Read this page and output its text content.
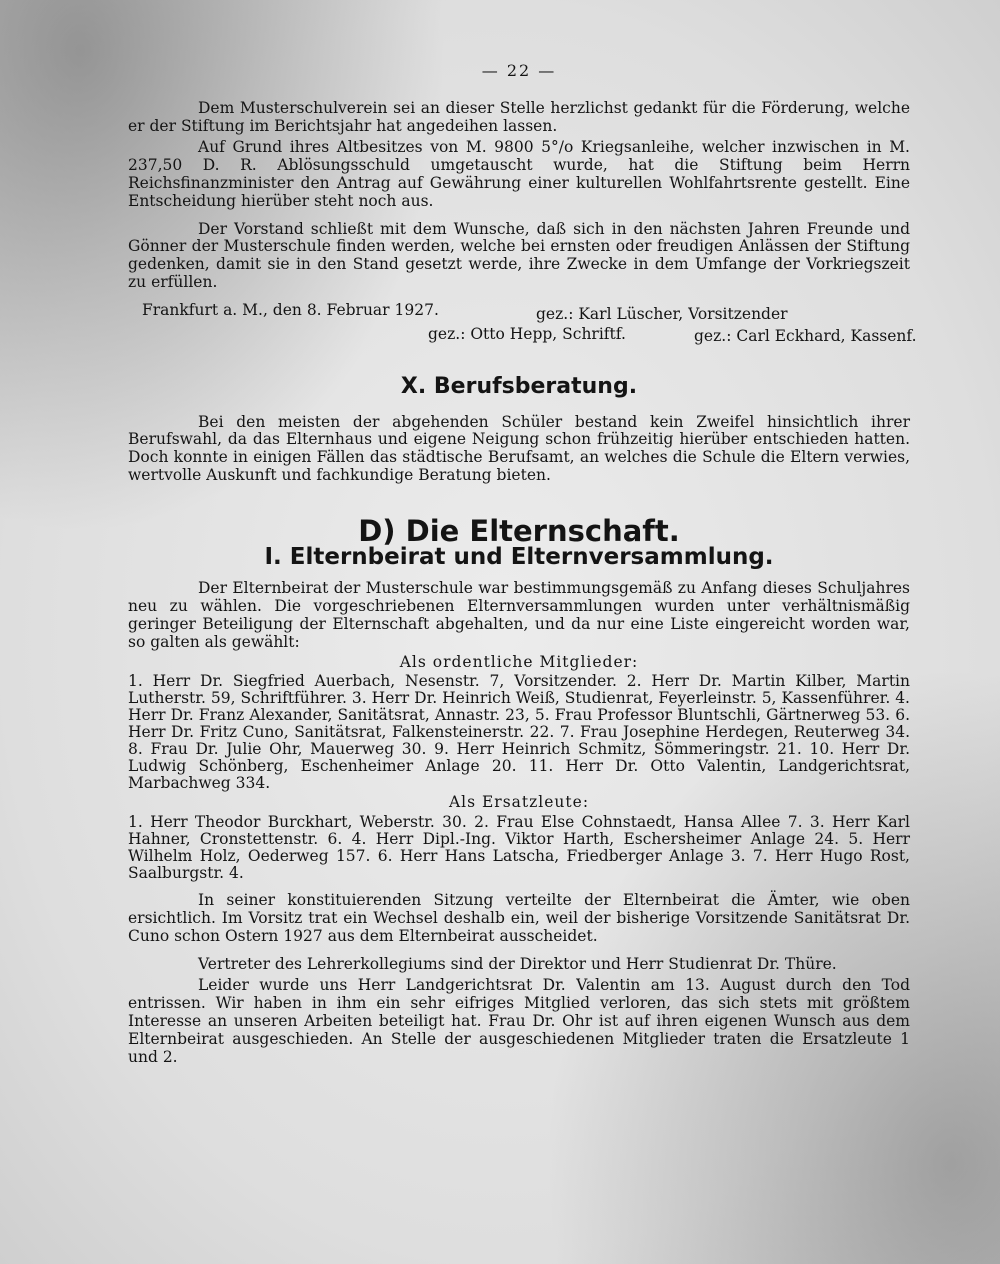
— 22 —

Dem Musterschulverein sei an dieser Stelle herzlichst gedankt für die Förderung, welche er der Stiftung im Berichtsjahr hat angedeihen lassen.

Auf Grund ihres Altbesitzes von M. 9800 5°/o Kriegsanleihe, welcher inzwischen in M. 237,50 D. R. Ablösungsschuld umgetauscht wurde, hat die Stiftung beim Herrn Reichsfinanzminister den Antrag auf Gewährung einer kulturellen Wohlfahrtsrente gestellt. Eine Entscheidung hierüber steht noch aus.

Der Vorstand schließt mit dem Wunsche, daß sich in den nächsten Jahren Freunde und Gönner der Musterschule finden werden, welche bei ernsten oder freudigen Anlässen der Stiftung gedenken, damit sie in den Stand gesetzt werde, ihre Zwecke in dem Umfange der Vorkriegszeit zu erfüllen.

Frankfurt a. M., den 8. Februar 1927.	gez.: Karl Lüscher, Vorsitzender
gez.: Otto Hepp, Schriftf.	gez.: Carl Eckhard, Kassenf.
X. Berufsberatung.

Bei den meisten der abgehenden Schüler bestand kein Zweifel hinsichtlich ihrer Berufswahl, da das Elternhaus und eigene Neigung schon frühzeitig hierüber entschieden hatten. Doch konnte in einigen Fällen das städtische Berufsamt, an welches die Schule die Eltern verwies, wertvolle Auskunft und fachkundige Beratung bieten.

D) Die Elternschaft.
I. Elternbeirat und Elternversammlung.

Der Elternbeirat der Musterschule war bestimmungsgemäß zu Anfang dieses Schuljahres neu zu wählen. Die vorgeschriebenen Elternversammlungen wurden unter verhältnismäßig geringer Beteiligung der Elternschaft abgehalten, und da nur eine Liste eingereicht worden war, so galten als gewählt:

Als ordentliche Mitglieder:

1. Herr Dr. Siegfried Auerbach, Nesenstr. 7, Vorsitzender. 2. Herr Dr. Martin Kilber, Martin Lutherstr. 59, Schriftführer. 3. Herr Dr. Heinrich Weiß, Studienrat, Feyerleinstr. 5, Kassenführer. 4. Herr Dr. Franz Alexander, Sanitätsrat, Annastr. 23, 5. Frau Professor Bluntschli, Gärtnerweg 53. 6. Herr Dr. Fritz Cuno, Sanitätsrat, Falkensteinerstr. 22. 7. Frau Josephine Herdegen, Reuterweg 34. 8. Frau Dr. Julie Ohr, Mauerweg 30. 9. Herr Heinrich Schmitz, Sömmeringstr. 21. 10. Herr Dr. Ludwig Schönberg, Eschenheimer Anlage 20. 11. Herr Dr. Otto Valentin, Landgerichtsrat, Marbachweg 334.

Als Ersatzleute:

1. Herr Theodor Burckhart, Weberstr. 30. 2. Frau Else Cohnstaedt, Hansa Allee 7. 3. Herr Karl Hahner, Cronstettenstr. 6. 4. Herr Dipl.-Ing. Viktor Harth, Eschersheimer Anlage 24. 5. Herr Wilhelm Holz, Oederweg 157. 6. Herr Hans Latscha, Friedberger Anlage 3. 7. Herr Hugo Rost, Saalburgstr. 4.

In seiner konstituierenden Sitzung verteilte der Elternbeirat die Ämter, wie oben ersichtlich. Im Vorsitz trat ein Wechsel deshalb ein, weil der bisherige Vorsitzende Sanitätsrat Dr. Cuno schon Ostern 1927 aus dem Elternbeirat ausscheidet.

Vertreter des Lehrerkollegiums sind der Direktor und Herr Studienrat Dr. Thüre.

Leider wurde uns Herr Landgerichtsrat Dr. Valentin am 13. August durch den Tod entrissen. Wir haben in ihm ein sehr eifriges Mitglied verloren, das sich stets mit größtem Interesse an unseren Arbeiten beteiligt hat. Frau Dr. Ohr ist auf ihren eigenen Wunsch aus dem Elternbeirat ausgeschieden. An Stelle der ausgeschiedenen Mitglieder traten die Ersatzleute 1 und 2.
